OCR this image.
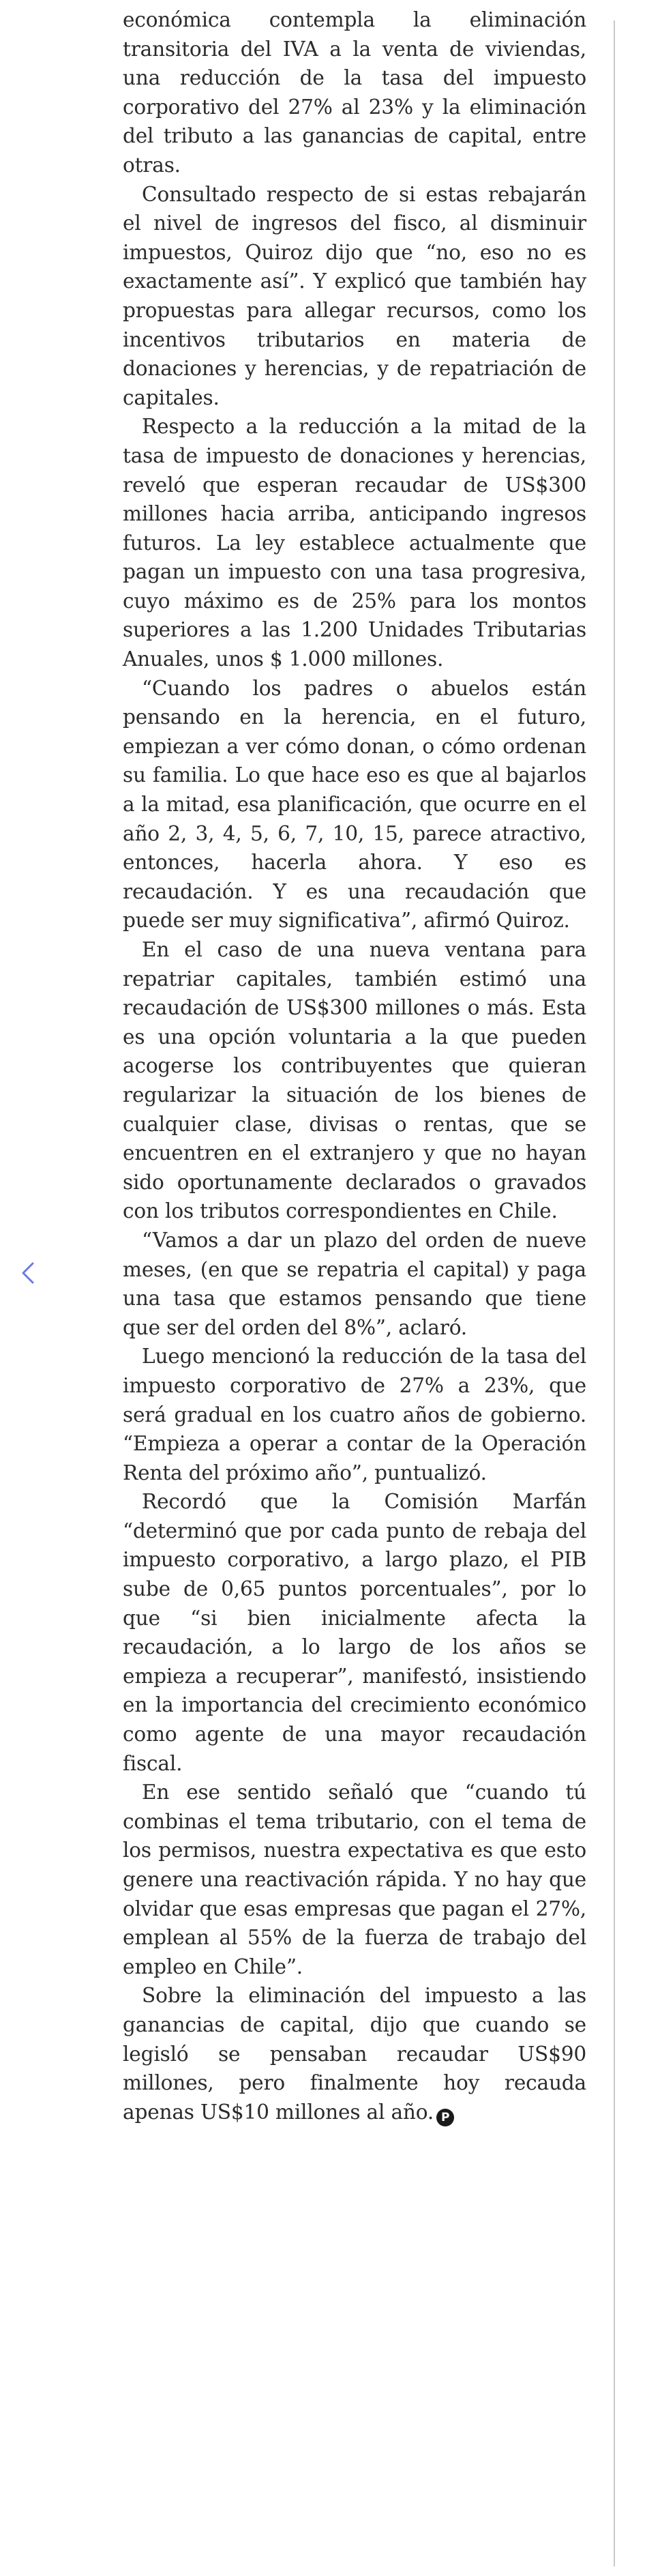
económica contempla la eliminación transitoria del IVA a la venta de viviendas, una reducción de la tasa del impuesto corporativo del 27% al 23% y la eliminación del tributo a las ganancias de capital, entre otras.

Consultado respecto de si estas rebajarán el nivel de ingresos del fisco, al disminuir impuestos, Quiroz dijo que “no, eso no es exactamente así”. Y explicó que también hay propuestas para allegar recursos, como los incentivos tributarios en materia de donaciones y herencias, y de repatriación de capitales.

Respecto a la reducción a la mitad de la tasa de impuesto de donaciones y herencias, reveló que esperan recaudar de US$300 millones hacia arriba, anticipando ingresos futuros. La ley establece actualmente que pagan un impuesto con una tasa progresiva, cuyo máximo es de 25% para los montos superiores a las 1.200 Unidades Tributarias Anuales, unos $ 1.000 millones.

“Cuando los padres o abuelos están pensando en la herencia, en el futuro, empiezan a ver cómo donan, o cómo ordenan su familia. Lo que hace eso es que al bajarlos a la mitad, esa planificación, que ocurre en el año 2, 3, 4, 5, 6, 7, 10, 15, parece atractivo, entonces, hacerla ahora. Y eso es recaudación. Y es una recaudación que puede ser muy significativa”, afirmó Quiroz.

En el caso de una nueva ventana para repatriar capitales, también estimó una recaudación de US$300 millones o más. Esta es una opción voluntaria a la que pueden acogerse los contribuyentes que quieran regularizar la situación de los bienes de cualquier clase, divisas o rentas, que se encuentren en el extranjero y que no hayan sido oportunamente declarados o gravados con los tributos correspondientes en Chile.

“Vamos a dar un plazo del orden de nueve meses, (en que se repatria el capital) y paga una tasa que estamos pensando que tiene que ser del orden del 8%”, aclaró.

Luego mencionó la reducción de la tasa del impuesto corporativo de 27% a 23%, que será gradual en los cuatro años de gobierno. “Empieza a operar a contar de la Operación Renta del próximo año”, puntualizó.

Recordó que la Comisión Marfán “determinó que por cada punto de rebaja del impuesto corporativo, a largo plazo, el PIB sube de 0,65 puntos porcentuales”, por lo que “si bien inicialmente afecta la recaudación, a lo largo de los años se empieza a recuperar”, manifestó, insistiendo en la importancia del crecimiento económico como agente de una mayor recaudación fiscal.

En ese sentido señaló que “cuando tú combinas el tema tributario, con el tema de los permisos, nuestra expectativa es que esto genere una reactivación rápida. Y no hay que olvidar que esas empresas que pagan el 27%, emplean al 55% de la fuerza de trabajo del empleo en Chile”.

Sobre la eliminación del impuesto a las ganancias de capital, dijo que cuando se legisló se pensaban recaudar US$90 millones, pero finalmente hoy recauda apenas US$10 millones al año. P
